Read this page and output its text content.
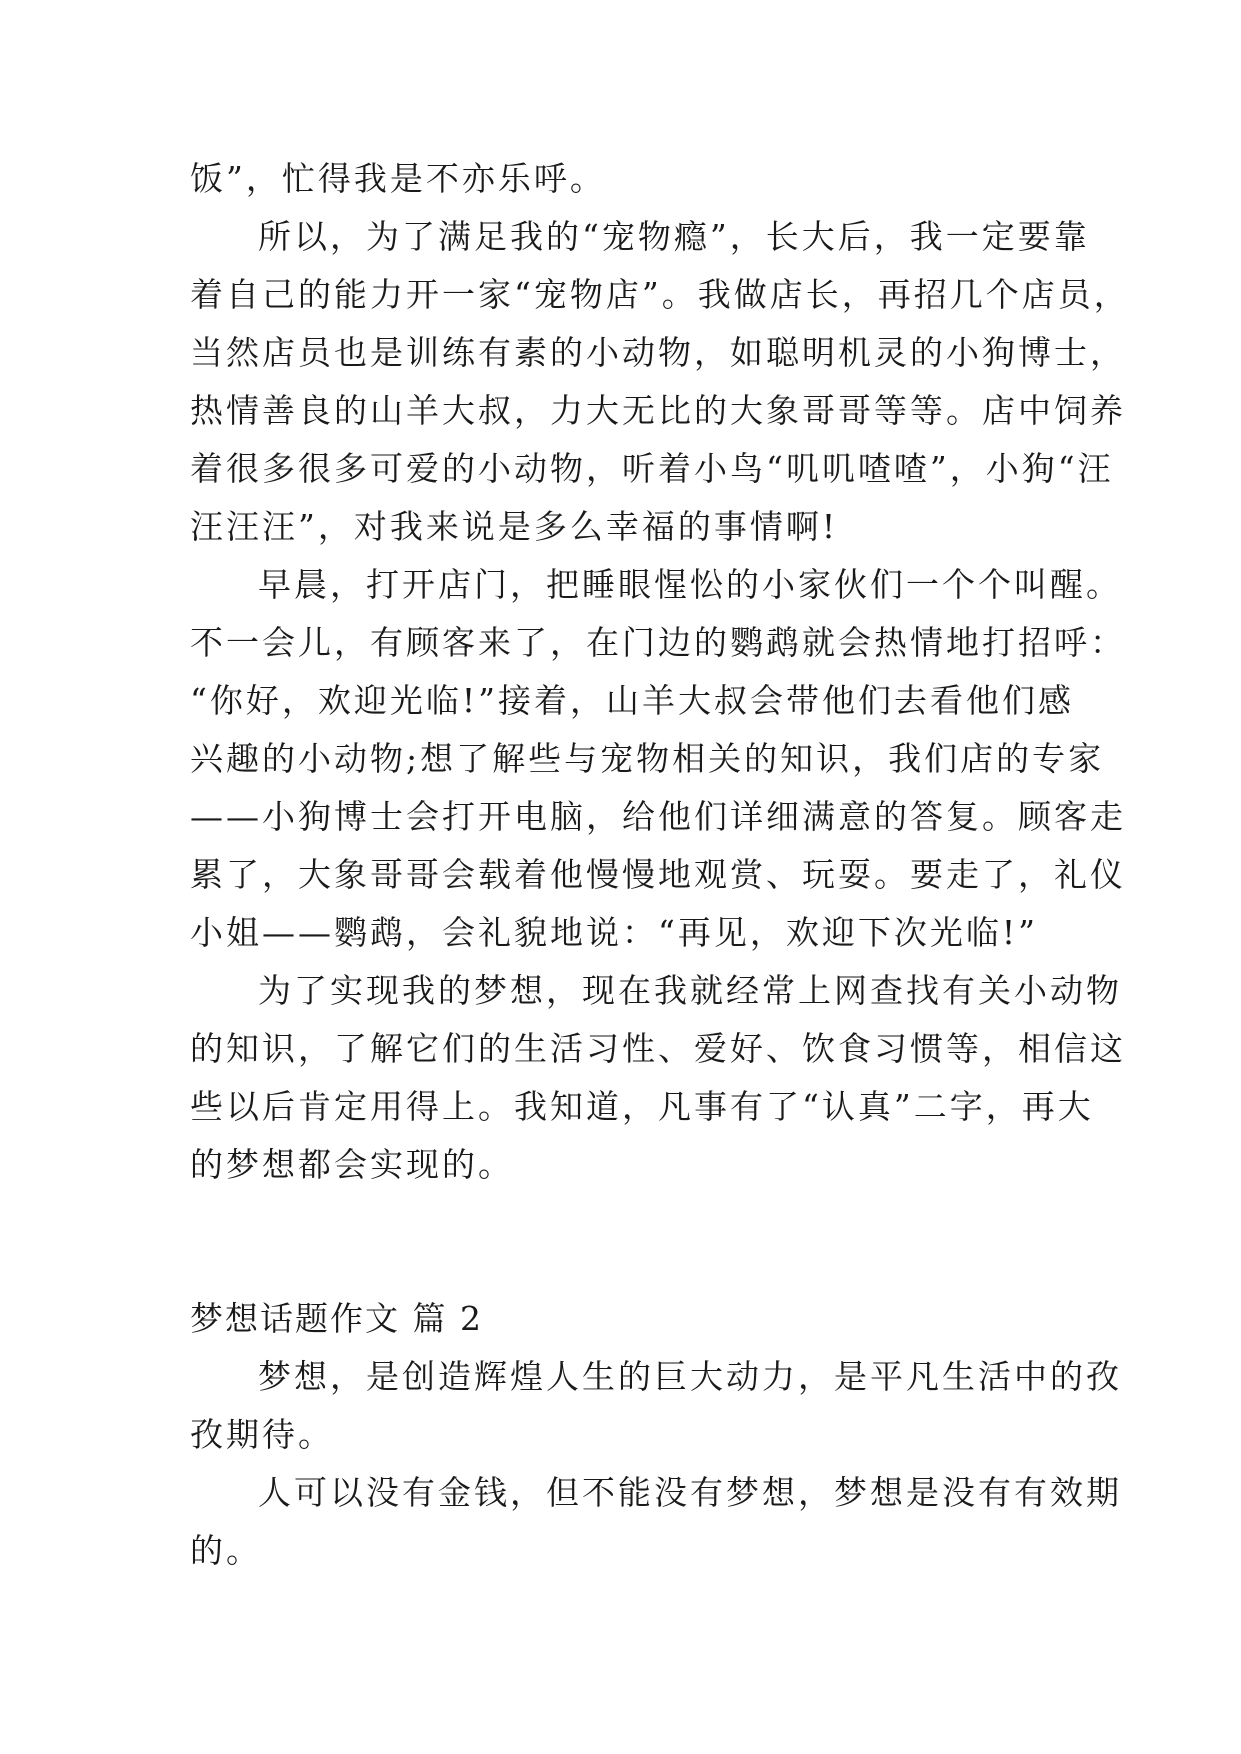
饭”，忙得我是不亦乐呼。

所以，为了满足我的“宠物瘾”，长大后，我一定要靠

着自己的能力开一家“宠物店”。我做店长，再招几个店员，

当然店员也是训练有素的小动物，如聪明机灵的小狗博士，

热情善良的山羊大叔，力大无比的大象哥哥等等。店中饲养

着很多很多可爱的小动物，听着小鸟“叽叽喳喳”，小狗“汪

汪汪汪”，对我来说是多么幸福的事情啊!

早晨，打开店门，把睡眼惺忪的小家伙们一个个叫醒。

不一会儿，有顾客来了，在门边的鹦鹉就会热情地打招呼：

“你好，欢迎光临!”接着，山羊大叔会带他们去看他们感

兴趣的小动物;想了解些与宠物相关的知识，我们店的专家

——小狗博士会打开电脑，给他们详细满意的答复。顾客走

累了，大象哥哥会载着他慢慢地观赏、玩耍。要走了，礼仪

小姐——鹦鹉，会礼貌地说：“再见，欢迎下次光临!”

为了实现我的梦想，现在我就经常上网查找有关小动物

的知识，了解它们的生活习性、爱好、饮食习惯等，相信这

些以后肯定用得上。我知道，凡事有了“认真”二字，再大

的梦想都会实现的。

梦想话题作文 篇 2

梦想，是创造辉煌人生的巨大动力，是平凡生活中的孜

孜期待。

人可以没有金钱，但不能没有梦想，梦想是没有有效期

的。
